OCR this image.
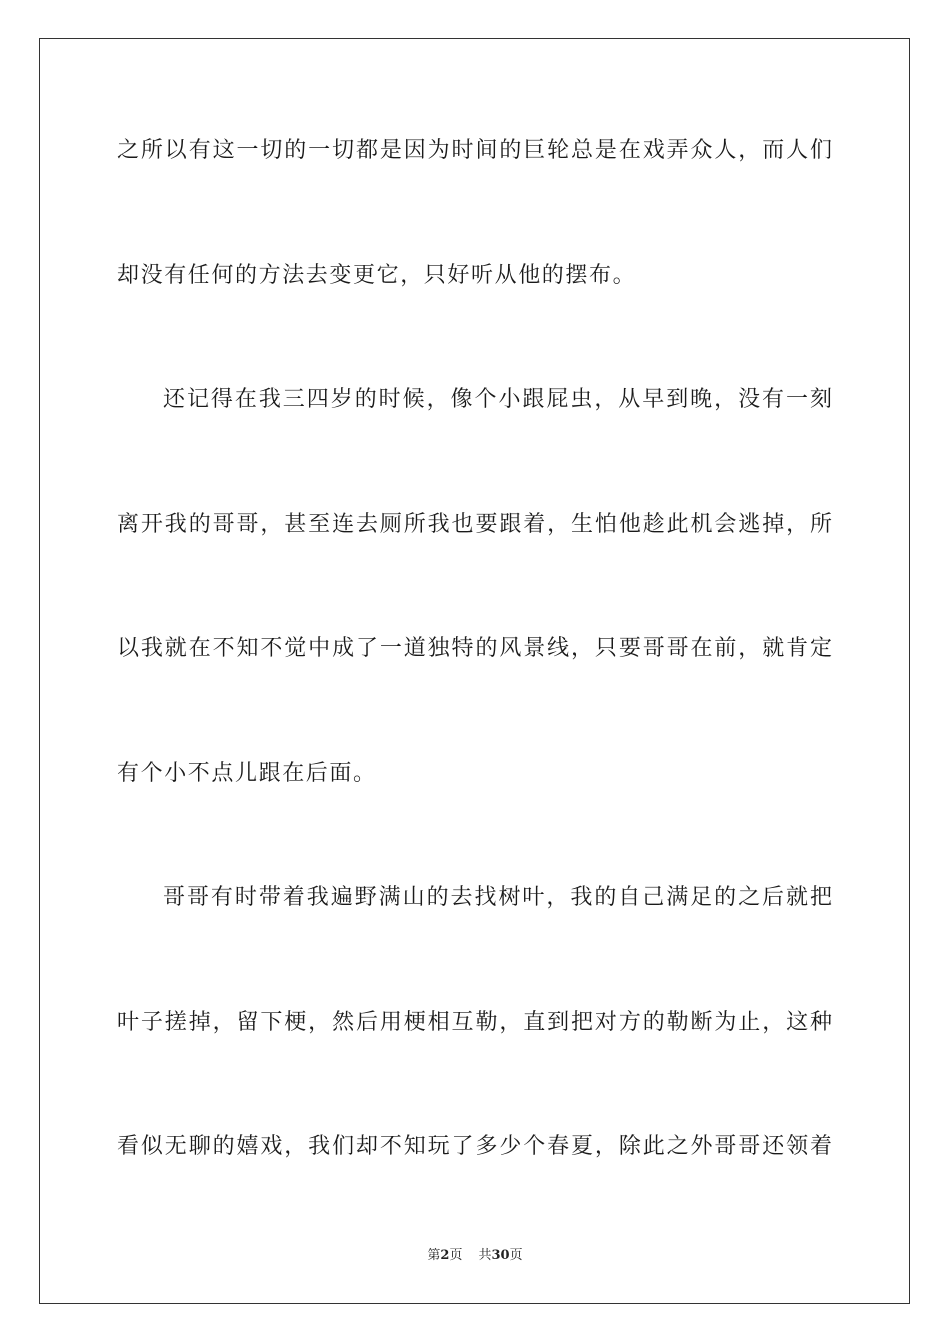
之所以有这一切的一切都是因为时间的巨轮总是在戏弄众人，而人们
却没有任何的方法去变更它，只好听从他的摆布。
还记得在我三四岁的时候，像个小跟屁虫，从早到晚，没有一刻
离开我的哥哥，甚至连去厕所我也要跟着，生怕他趁此机会逃掉，所
以我就在不知不觉中成了一道独特的风景线，只要哥哥在前，就肯定
有个小不点儿跟在后面。
哥哥有时带着我遍野满山的去找树叶，我的自己满足的之后就把
叶子搓掉，留下梗，然后用梗相互勒，直到把对方的勒断为止，这种
看似无聊的嬉戏，我们却不知玩了多少个春夏，除此之外哥哥还领着
第2页 共30页
